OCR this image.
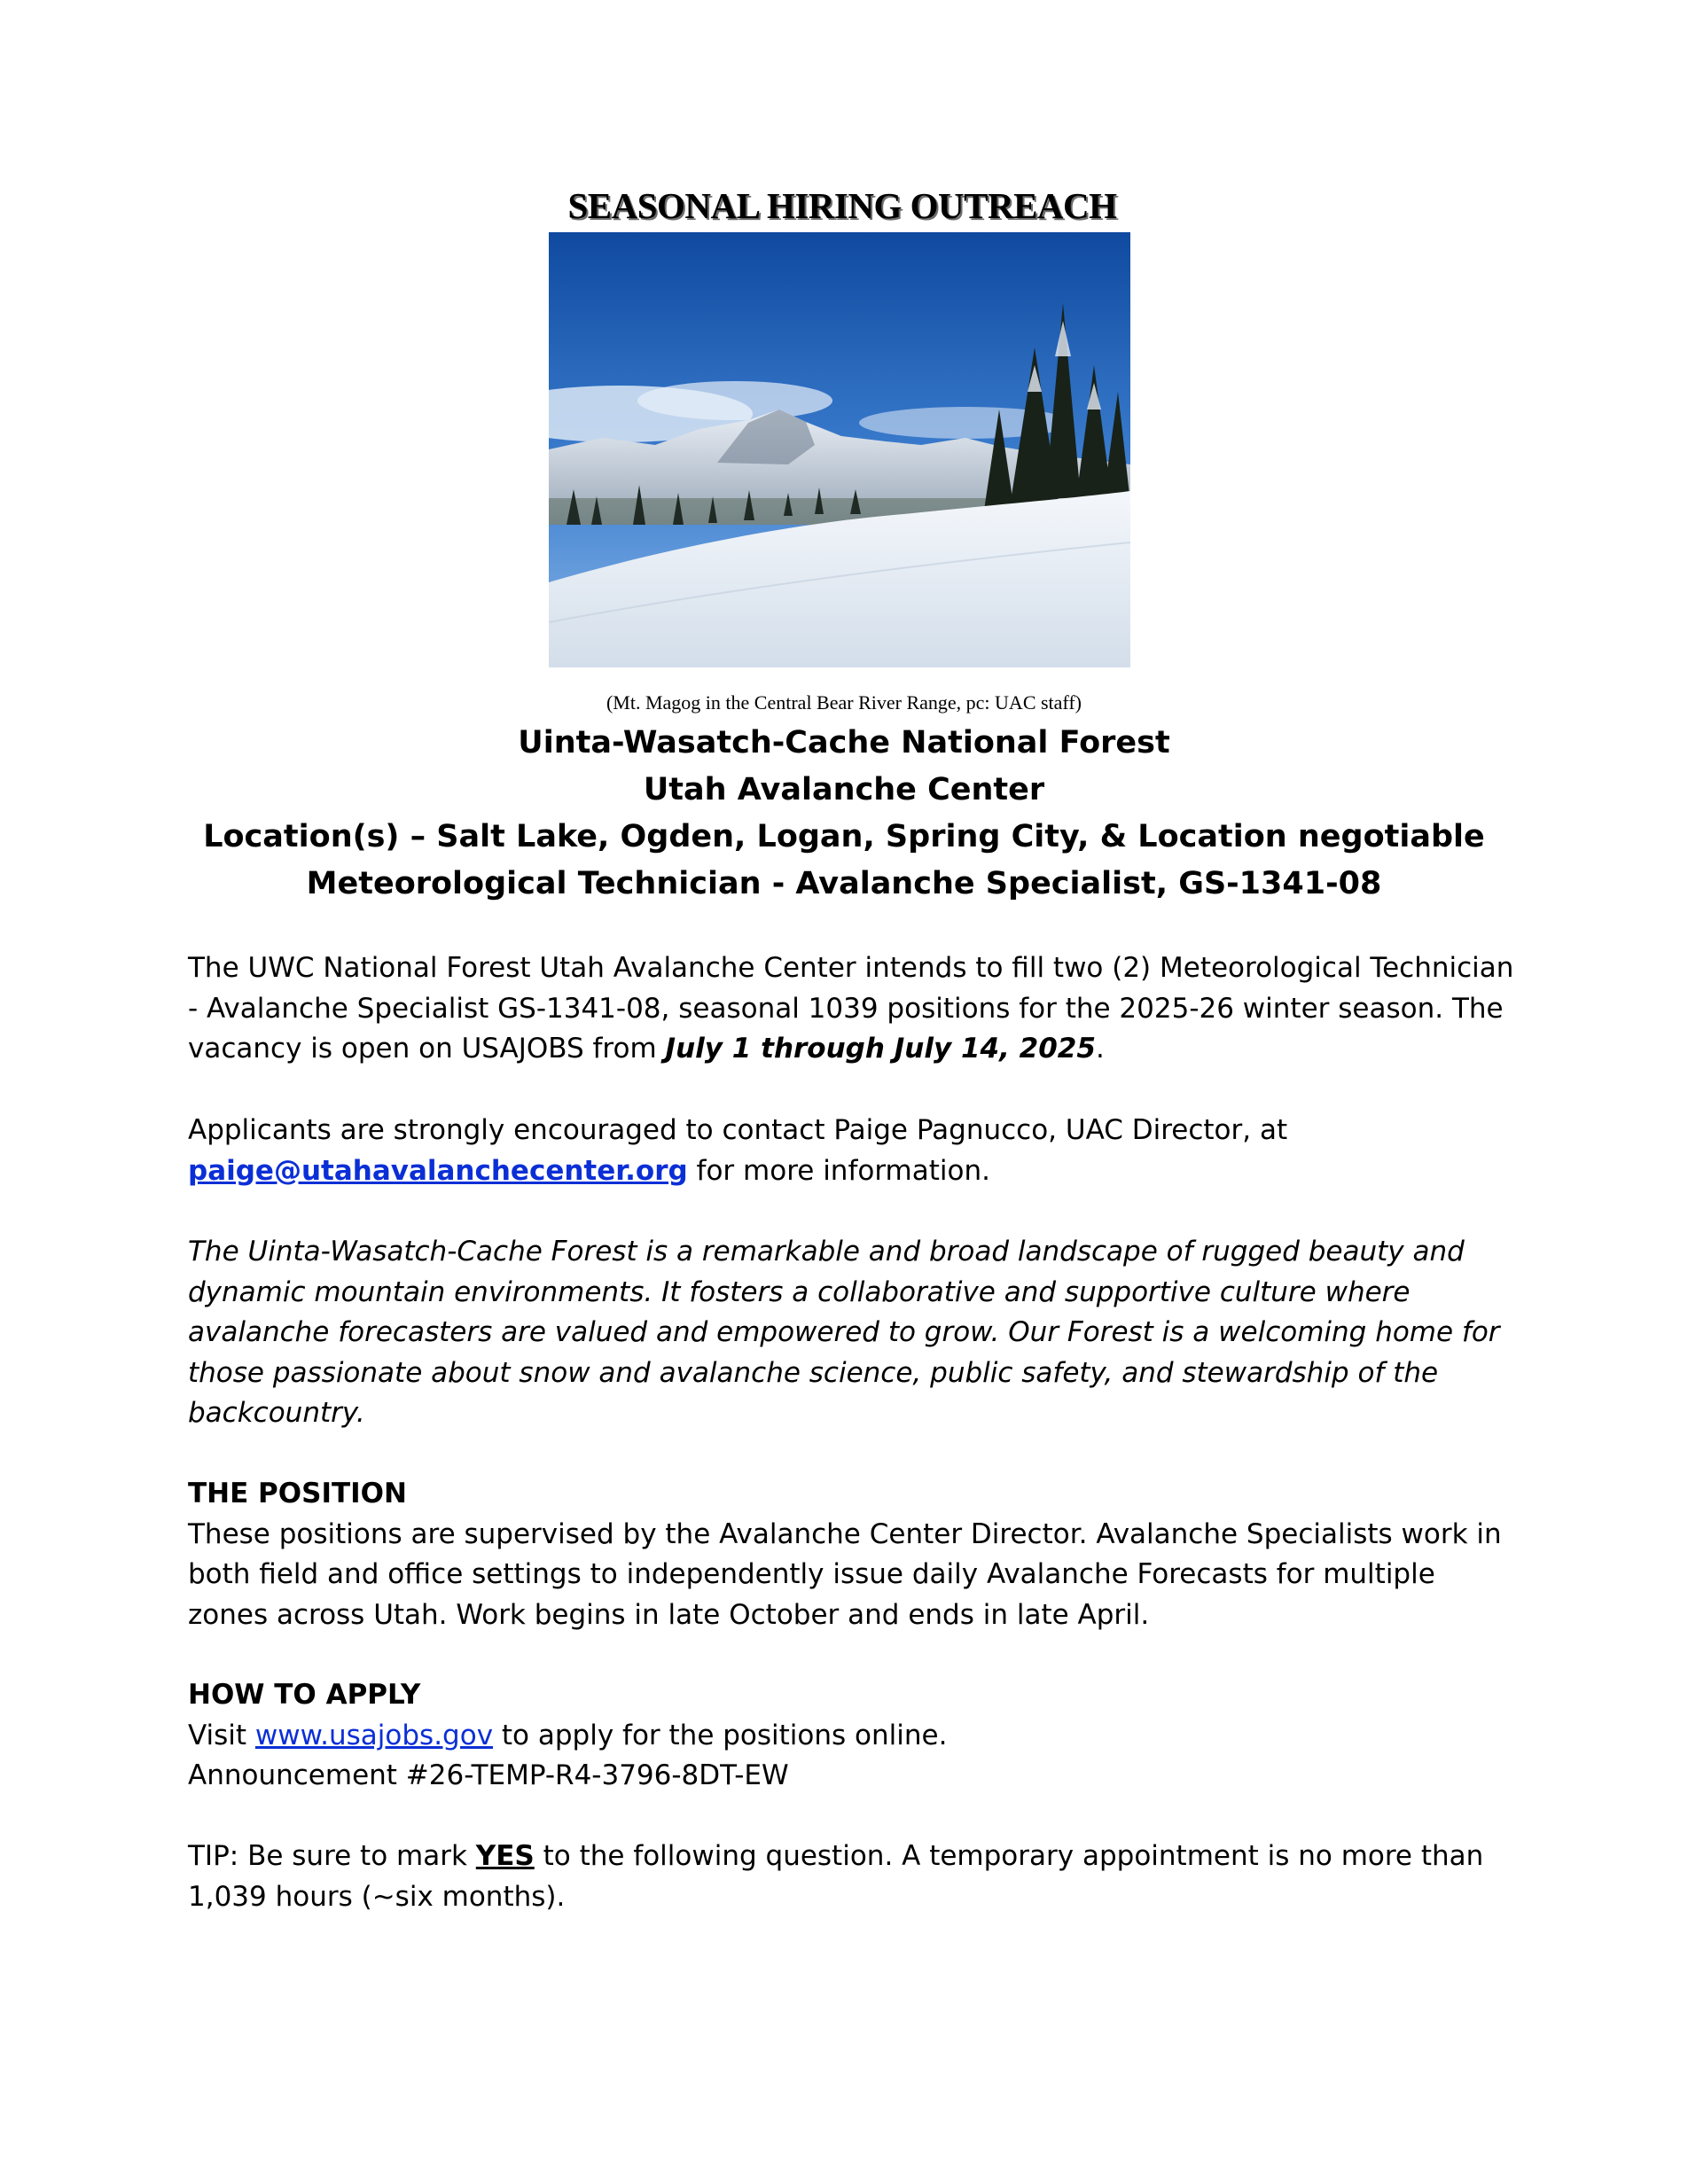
SEASONAL HIRING OUTREACH
(Mt. Magog in the Central Bear River Range, pc: UAC staff)
Uinta-Wasatch-Cache National Forest
Utah Avalanche Center
Location(s) – Salt Lake, Ogden, Logan, Spring City, & Location negotiable
Meteorological Technician - Avalanche Specialist, GS-1341-08

The UWC National Forest Utah Avalanche Center intends to fill two (2) Meteorological Technician - Avalanche Specialist GS-1341-08, seasonal 1039 positions for the 2025-26 winter season. The vacancy is open on USAJOBS from July 1 through July 14, 2025.

Applicants are strongly encouraged to contact Paige Pagnucco, UAC Director, at

paige@utahavalanchecenter.org for more information.

The Uinta-Wasatch-Cache Forest is a remarkable and broad landscape of rugged beauty and dynamic mountain environments. It fosters a collaborative and supportive culture where avalanche forecasters are valued and empowered to grow. Our Forest is a welcoming home for those passionate about snow and avalanche science, public safety, and stewardship of the backcountry.

THE POSITION

These positions are supervised by the Avalanche Center Director. Avalanche Specialists work in both field and office settings to independently issue daily Avalanche Forecasts for multiple zones across Utah. Work begins in late October and ends in late April.

HOW TO APPLY

Visit www.usajobs.gov to apply for the positions online.

Announcement #26-TEMP-R4-3796-8DT-EW

TIP: Be sure to mark YES to the following question. A temporary appointment is no more than 1,039 hours (~six months).
